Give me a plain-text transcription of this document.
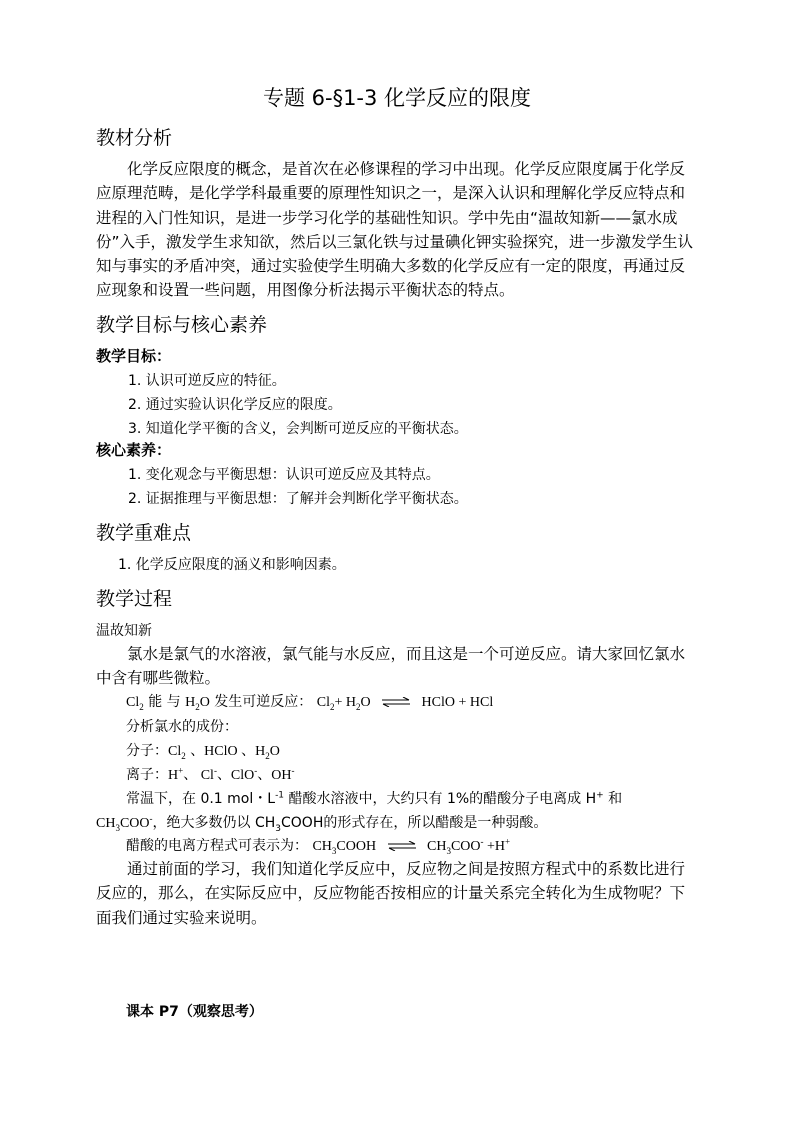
专题 6-§1-3 化学反应的限度
教材分析
化学反应限度的概念，是首次在必修课程的学习中出现。化学反应限度属于化学反应原理范畴，是化学学科最重要的原理性知识之一，是深入认识和理解化学反应特点和进程的入门性知识，是进一步学习化学的基础性知识。学中先由“温故知新——氯水成份”入手，激发学生求知欲，然后以三氯化铁与过量碘化钾实验探究，进一步激发学生认知与事实的矛盾冲突，通过实验使学生明确大多数的化学反应有一定的限度，再通过反应现象和设置一些问题，用图像分析法揭示平衡状态的特点。
教学目标与核心素养
教学目标：
1. 认识可逆反应的特征。
2. 通过实验认识化学反应的限度。
3. 知道化学平衡的含义，会判断可逆反应的平衡状态。
核心素养：
1. 变化观念与平衡思想：认识可逆反应及其特点。
2. 证据推理与平衡思想：了解并会判断化学平衡状态。
教学重难点
1. 化学反应限度的涵义和影响因素。
教学过程
温故知新
氯水是氯气的水溶液，氯气能与水反应，而且这是一个可逆反应。请大家回忆氯水中含有哪些微粒。
$Cl_2$ 能 与 $H_2O$ 发生可逆反应： $Cl_2+ H_2O$ ⇌ HClO + HCl
分析氯水的成份：
分子：$Cl_2$ 、HClO 、$H_2O$
离子：H+、 Cl-、ClO-、OH-
常温下，在 0.1 mol・$L^{-1}$ 醋酸水溶液中，大约只有 1%的醋酸分子电离成 H+ 和
$CH_3COO^-$，绝大多数仍以 $CH_3COOH$的形式存在，所以醋酸是一种弱酸。
醋酸的电离方程式可表示为： $CH_3COOH$ ⇌ $CH_3COO^- +H^+$
通过前面的学习，我们知道化学反应中，反应物之间是按照方程式中的系数比进行反应的，那么，在实际反应中，反应物能否按相应的计量关系完全转化为生成物呢？下面我们通过实验来说明。
课本 P7（观察思考）
